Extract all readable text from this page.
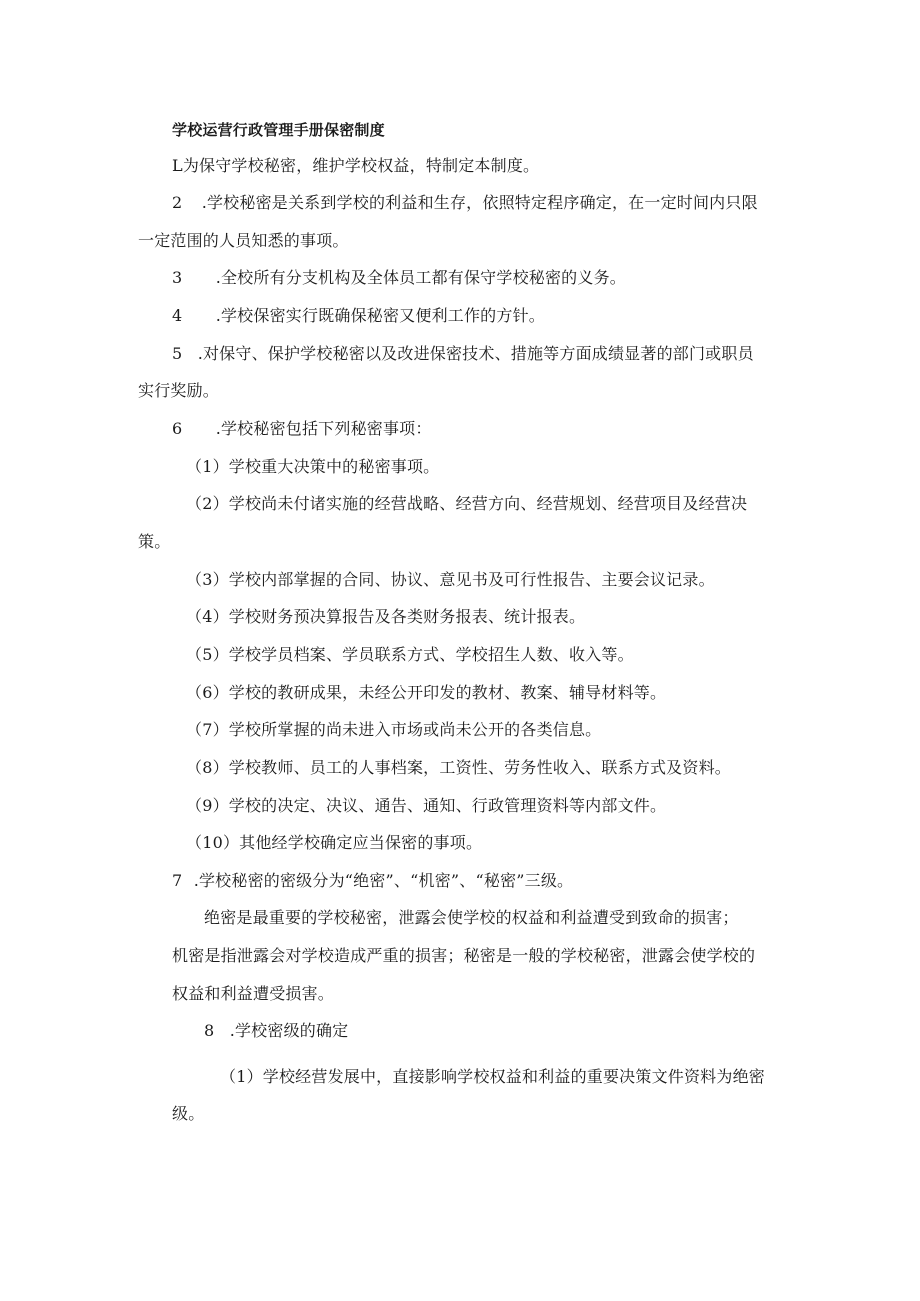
学校运营行政管理手册保密制度
L为保守学校秘密，维护学校权益，特制定本制度。
2 .学校秘密是关系到学校的利益和生存，依照特定程序确定，在一定时间内只限
一定范围的人员知悉的事项。
3 .全校所有分支机构及全体员工都有保守学校秘密的义务。
4 .学校保密实行既确保秘密又便利工作的方针。
5 .对保守、保护学校秘密以及改进保密技术、措施等方面成绩显著的部门或职员
实行奖励。
6 .学校秘密包括下列秘密事项：
（1）学校重大决策中的秘密事项。
（2）学校尚未付诸实施的经营战略、经营方向、经营规划、经营项目及经营决
策。
（3）学校内部掌握的合同、协议、意见书及可行性报告、主要会议记录。
（4）学校财务预决算报告及各类财务报表、统计报表。
（5）学校学员档案、学员联系方式、学校招生人数、收入等。
（6）学校的教研成果，未经公开印发的教材、教案、辅导材料等。
（7）学校所掌握的尚未进入市场或尚未公开的各类信息。
（8）学校教师、员工的人事档案，工资性、劳务性收入、联系方式及资料。
（9）学校的决定、决议、通告、通知、行政管理资料等内部文件。
（10）其他经学校确定应当保密的事项。
7 .学校秘密的密级分为“绝密”、“机密”、“秘密”三级。
绝密是最重要的学校秘密，泄露会使学校的权益和利益遭受到致命的损害；
机密是指泄露会对学校造成严重的损害；秘密是一般的学校秘密，泄露会使学校的
权益和利益遭受损害。
8 .学校密级的确定
（1）学校经营发展中，直接影响学校权益和利益的重要决策文件资料为绝密
级。
